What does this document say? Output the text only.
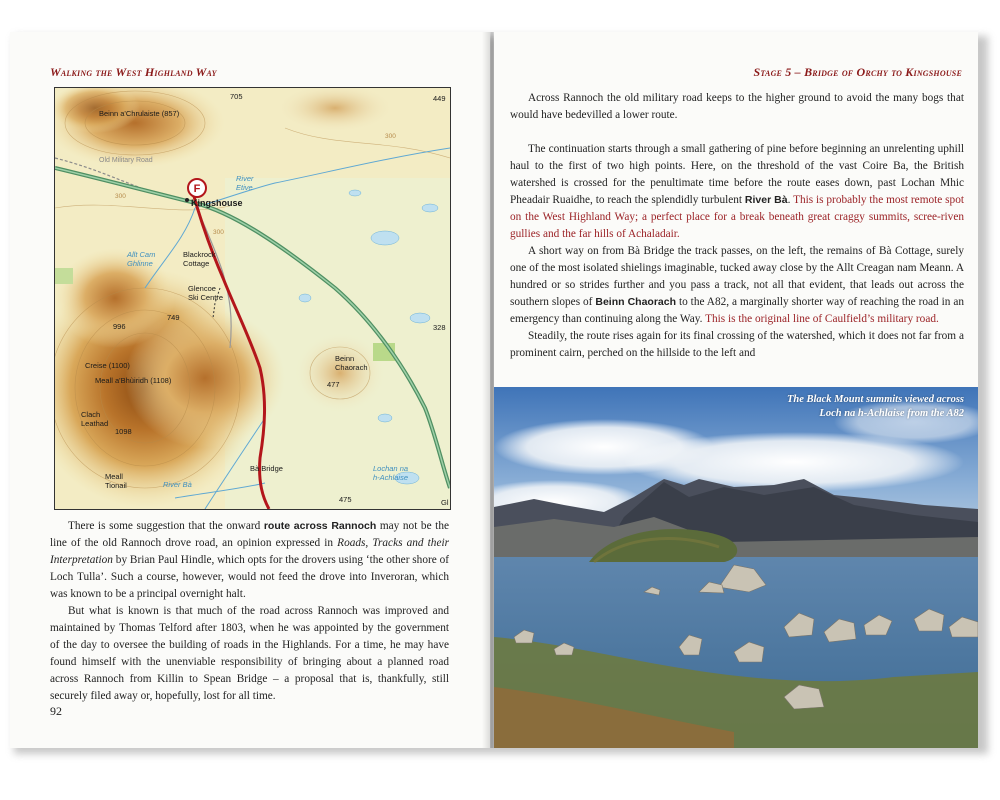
Walking the West Highland Way
F
705	449
Beinn a'Chrulaiste (857)
Old Military Road
River
Etive
Kingshouse
Blackrock
Cottage
Allt Cam
Ghlinne
Glencoe
Ski Centre
749
996	328
Beinn
Chaorach
477
Creise (1100)
Meall a'Bhùiridh (1108)
Clach
Leathad
1098
Bà Bridge
Meall
Tionail	River Bà
Lochan na
h-Achlaise
475	Gl
300
300
300

There is some suggestion that the onward route across Rannoch may not be the line of the old Rannoch drove road, an opinion expressed in Roads, Tracks and their Interpretation by Brian Paul Hindle, which opts for the drovers using ‘the other shore of Loch Tulla’. Such a course, however, would not feed the drove into Inveroran, which was known to be a principal overnight halt.

But what is known is that much of the road across Rannoch was improved and maintained by Thomas Telford after 1803, when he was appointed by the government of the day to oversee the building of roads in the Highlands. For a time, he may have found himself with the unenviable responsibility of bringing about a planned road across Rannoch from Killin to Spean Bridge – a proposal that is, thankfully, still securely filed away or, hopefully, lost for all time.

92
Stage 5 – Bridge of Orchy to Kingshouse

Across Rannoch the old military road keeps to the higher ground to avoid the many bogs that would have bedevilled a lower route.

The continuation starts through a small gathering of pine before beginning an unrelenting uphill haul to the first of two high points. Here, on the threshold of the vast Coire Ba, the British watershed is crossed for the penultimate time before the route eases down, past Lochan Mhic Pheadair Ruaidhe, to reach the splendidly turbulent River Bà. This is probably the most remote spot on the West Highland Way; a perfect place for a break beneath great craggy summits, scree-riven gullies and the far hills of Achaladair.

A short way on from Bà Bridge the track passes, on the left, the remains of Bà Cottage, surely one of the most isolated shielings imaginable, tucked away close by the Allt Creagan nam Meann. A hundred or so strides further and you pass a track, not all that evident, that leads out across the southern slopes of Beinn Chaorach to the A82, a marginally shorter way of reaching the road in an emergency than continuing along the Way. This is the original line of Caulfield’s military road.

Steadily, the route rises again for its final crossing of the watershed, which it does not far from a prominent cairn, perched on the hillside to the left and

The Black Mount summits viewed across
Loch na h-Achlaise from the A82
